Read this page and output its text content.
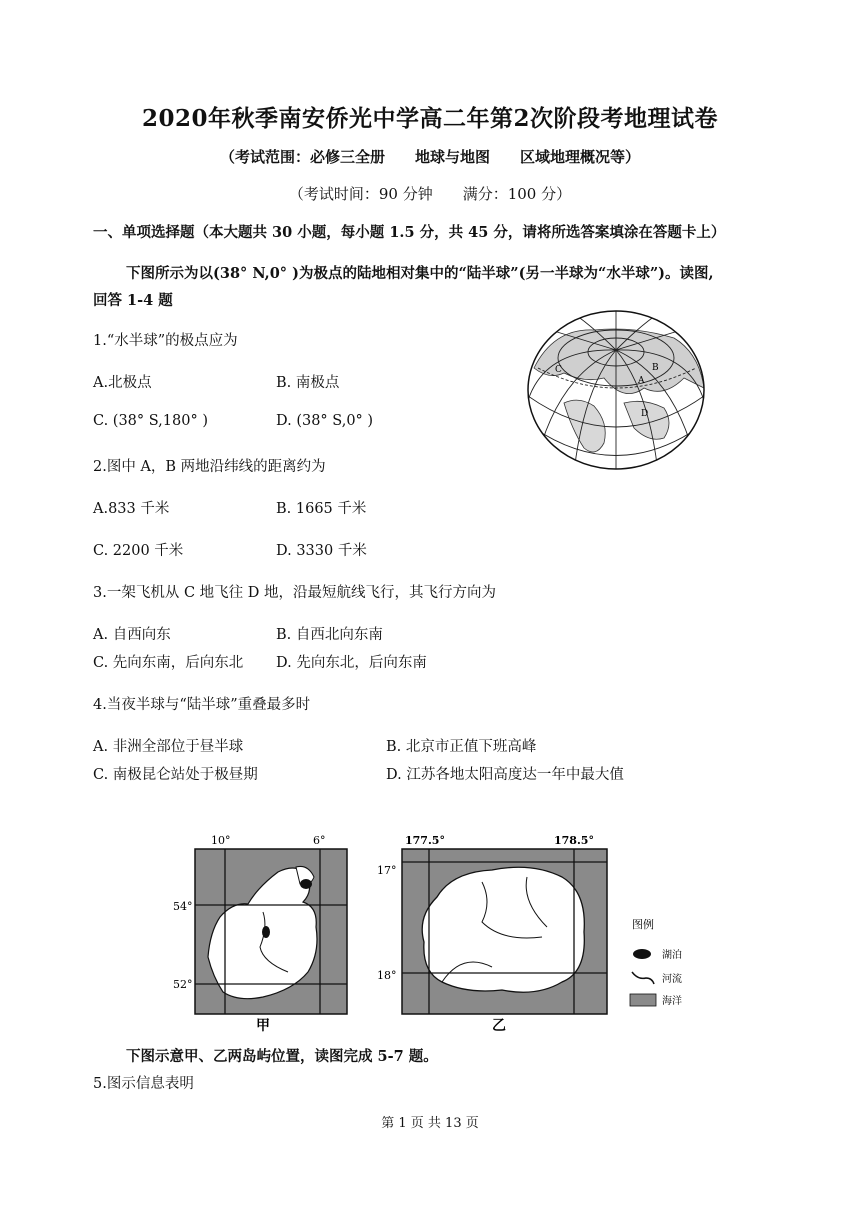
2020年秋季南安侨光中学高二年第2次阶段考地理试卷
（考试范围：必修三全册　　地球与地图　　区域地理概况等）
（考试时间：90 分钟　　满分：100 分）
一、单项选择题（本大题共 30 小题，每小题 1.5 分，共 45 分，请将所选答案填涂在答题卡上）
下图所示为以(38° N,0° )为极点的陆地相对集中的“陆半球”(另一半球为“水半球”)。读图,
回答 1-4 题
1.“水半球”的极点应为
A.北极点	B. 南极点
C. (38° S,180° )	D. (38° S,0° )
2.图中 A，B 两地沿纬线的距离约为
A.833 千米	B. 1665 千米
C. 2200 千米	D. 3330 千米
3.一架飞机从 C 地飞往 D 地，沿最短航线飞行，其飞行方向为
A. 自西向东	B. 自西北向东南
C. 先向东南，后向东北 D. 先向东北，后向东南
4.当夜半球与“陆半球”重叠最多时
A. 非洲全部位于昼半球	B. 北京市正值下班高峰
C. 南极昆仑站处于极昼期	D. 江苏各地太阳高度达一年中最大值
C	B
A
D
10°	6°
54°
52°
甲
177.5°	178.5°
17°
18°
乙
图例
湖泊
河流
海洋
下图示意甲、乙两岛屿位置，读图完成 5-7 题。
5.图示信息表明
第 1 页 共 13 页
